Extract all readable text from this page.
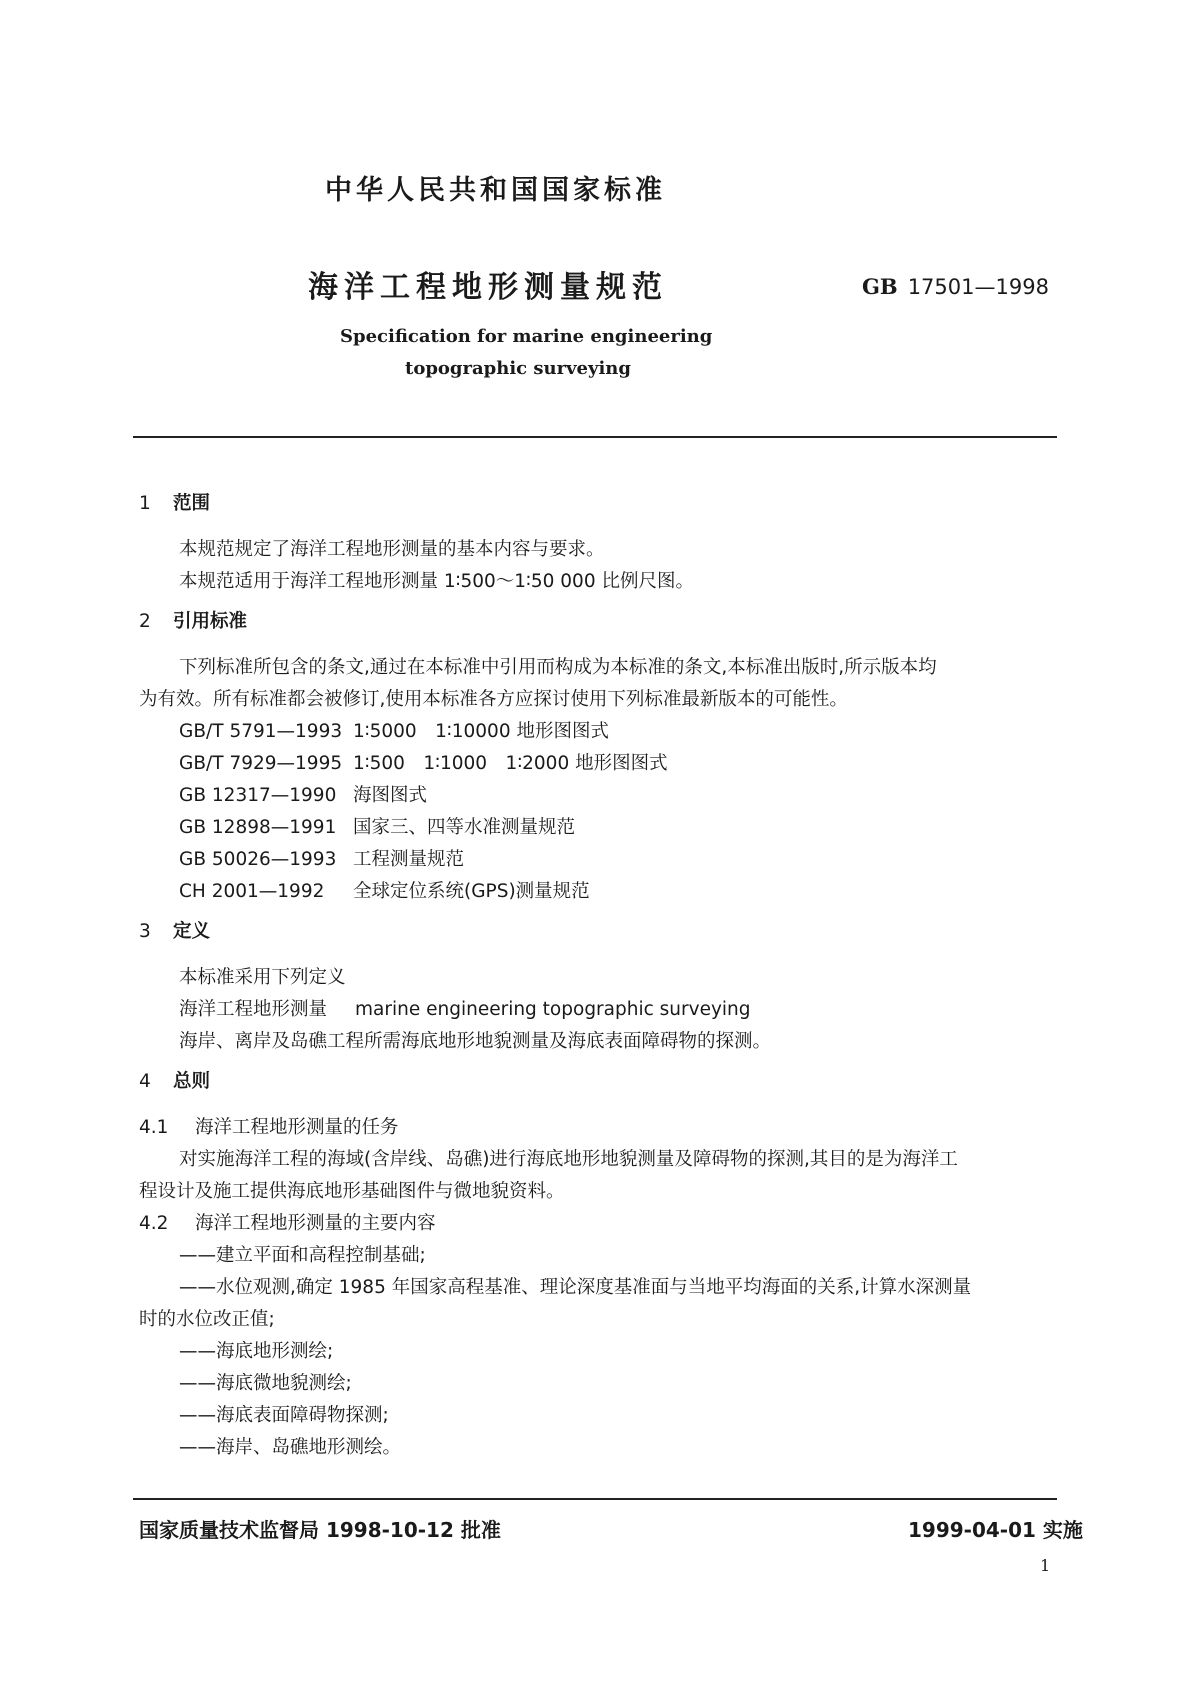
中华人民共和国国家标准
海洋工程地形测量规范	GB 17501—1998
Specification for marine engineering
topographic surveying
1 范围
本规范规定了海洋工程地形测量的基本内容与要求。
本规范适用于海洋工程地形测量 1∶500～1∶50 000 比例尺图。
2 引用标准
下列标准所包含的条文,通过在本标准中引用而构成为本标准的条文,本标准出版时,所示版本均
为有效。所有标准都会被修订,使用本标准各方应探讨使用下列标准最新版本的可能性。
GB/T 5791—1993 1∶5000　1∶10000 地形图图式
GB/T 7929—1995 1∶500　1∶1000　1∶2000 地形图图式
GB 12317—1990 海图图式
GB 12898—1991 国家三、四等水准测量规范
GB 50026—1993 工程测量规范
CH 2001—1992 全球定位系统(GPS)测量规范
3 定义
本标准采用下列定义
海洋工程地形测量 marine engineering topographic surveying
海岸、离岸及岛礁工程所需海底地形地貌测量及海底表面障碍物的探测。
4 总则
4.1 海洋工程地形测量的任务
对实施海洋工程的海域(含岸线、岛礁)进行海底地形地貌测量及障碍物的探测,其目的是为海洋工
程设计及施工提供海底地形基础图件与微地貌资料。
4.2 海洋工程地形测量的主要内容
——建立平面和高程控制基础;
——水位观测,确定 1985 年国家高程基准、理论深度基准面与当地平均海面的关系,计算水深测量
时的水位改正值;
——海底地形测绘;
——海底微地貌测绘;
——海底表面障碍物探测;
——海岸、岛礁地形测绘。
国家质量技术监督局 1998-10-12 批准	1999-04-01 实施
1
